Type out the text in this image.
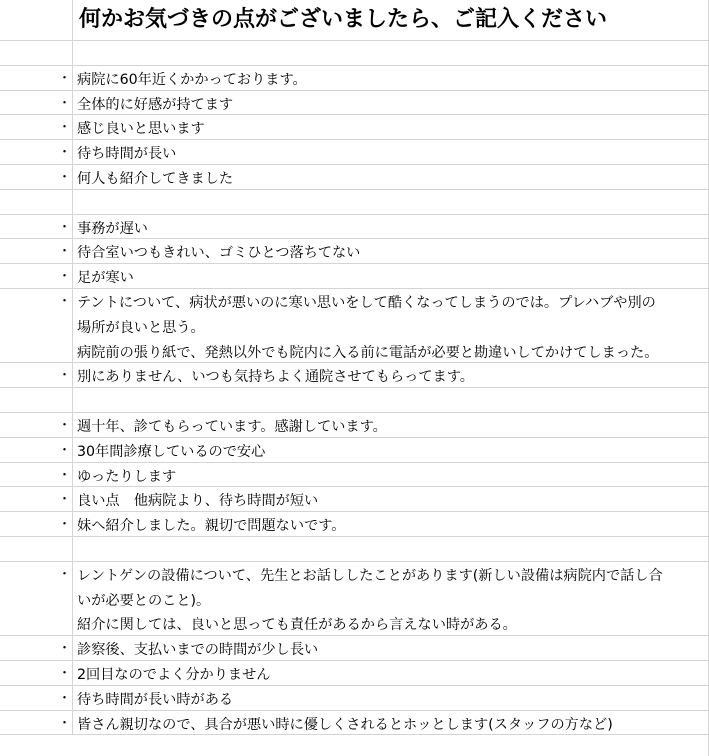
何かお気づきの点がございましたら、ご記入ください
・ 病院に60年近くかかっております。
・ 全体的に好感が持てます
・ 感じ良いと思います
・ 待ち時間が長い
・ 何人も紹介してきました
・ 事務が遅い
・ 待合室いつもきれい、ゴミひとつ落ちてない
・ 足が寒い
・ テントについて、病状が悪いのに寒い思いをして酷くなってしまうのでは。プレハブや別の
場所が良いと思う。
病院前の張り紙で、発熱以外でも院内に入る前に電話が必要と勘違いしてかけてしまった。
・ 別にありません、いつも気持ちよく通院させてもらってます。
・ 週十年、診てもらっています。感謝しています。
・ 30年間診療しているので安心
・ ゆったりします
・ 良い点　他病院より、待ち時間が短い
・ 妹へ紹介しました。親切で問題ないです。
・ レントゲンの設備について、先生とお話ししたことがあります(新しい設備は病院内で話し合
いが必要とのこと)。
紹介に関しては、良いと思っても責任があるから言えない時がある。
・ 診察後、支払いまでの時間が少し長い
・ 2回目なのでよく分かりません
・ 待ち時間が長い時がある
・ 皆さん親切なので、具合が悪い時に優しくされるとホッとします(スタッフの方など)
